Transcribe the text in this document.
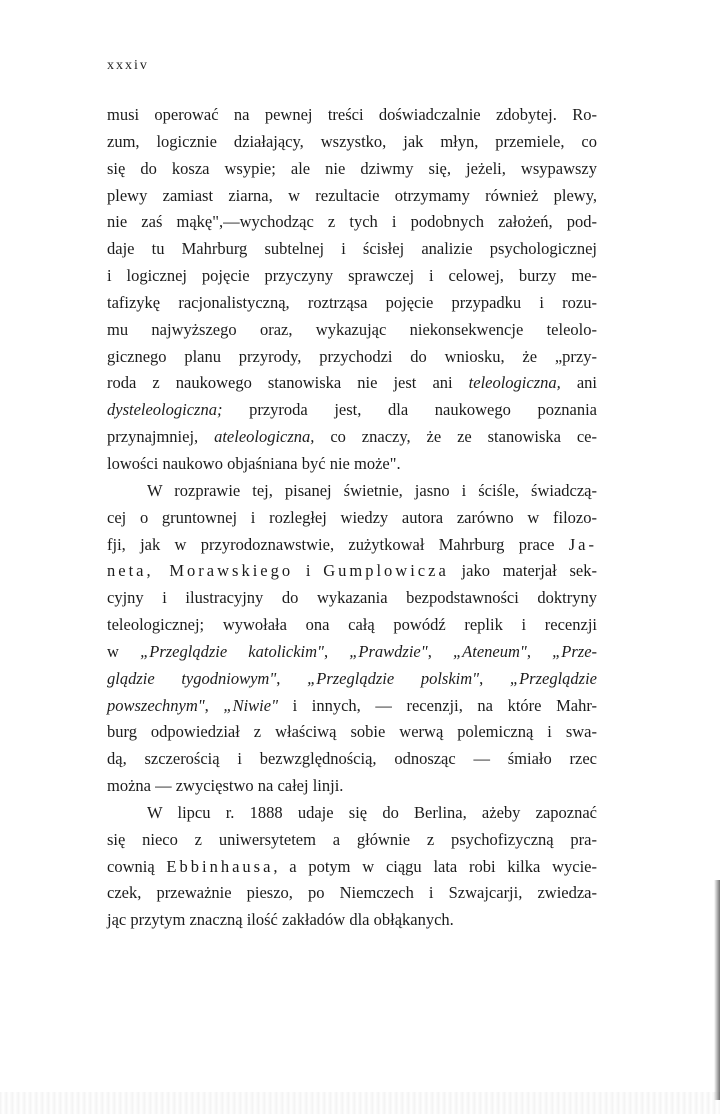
xxxiv
musi operować na pewnej treści doświadczalnie zdobytej. Ro-
zum, logicznie działający, wszystko, jak młyn, przemiele, co
się do kosza wsypie; ale nie dziwmy się, jeżeli, wsypawszy
plewy zamiast ziarna, w rezultacie otrzymamy również plewy,
nie zaś mąkę",—wychodząc z tych i podobnych założeń, pod-
daje tu Mahrburg subtelnej i ścisłej analizie psychologicznej
i logicznej pojęcie przyczyny sprawczej i celowej, burzy me-
tafizykę racjonalistyczną, roztrząsa pojęcie przypadku i rozu-
mu najwyższego oraz, wykazując niekonsekwencje teleolo-
gicznego planu przyrody, przychodzi do wniosku, że „przy-
roda z naukowego stanowiska nie jest ani teleologiczna, ani
dysteleologiczna; przyroda jest, dla naukowego poznania
przynajmniej, ateleologiczna, co znaczy, że ze stanowiska ce-
lowości naukowo objaśniana być nie może".
W rozprawie tej, pisanej świetnie, jasno i ściśle, świadczą-
cej o gruntownej i rozległej wiedzy autora zarówno w filozo-
fji, jak w przyrodoznawstwie, zużytkował Mahrburg prace Ja-
neta, Morawskiego i Gumplowicza jako materjał sek-
cyjny i ilustracyjny do wykazania bezpodstawności doktryny
teleologicznej; wywołała ona całą powódź replik i recenzji
w „Przeglądzie katolickim", „Prawdzie", „Ateneum", „Prze-
glądzie tygodniowym", „Przeglądzie polskim", „Przeglądzie
powszechnym", „Niwie" i innych, — recenzji, na które Mahr-
burg odpowiedział z właściwą sobie werwą polemiczną i swa-
dą, szczerością i bezwzględnością, odnosząc — śmiało rzec
można — zwycięstwo na całej linji.
W lipcu r. 1888 udaje się do Berlina, ażeby zapoznać
się nieco z uniwersytetem a głównie z psychofizyczną pra-
cownią Ebbinhausa, a potym w ciągu lata robi kilka wycie-
czek, przeważnie pieszo, po Niemczech i Szwajcarji, zwiedza-
jąc przytym znaczną ilość zakładów dla obłąkanych.
